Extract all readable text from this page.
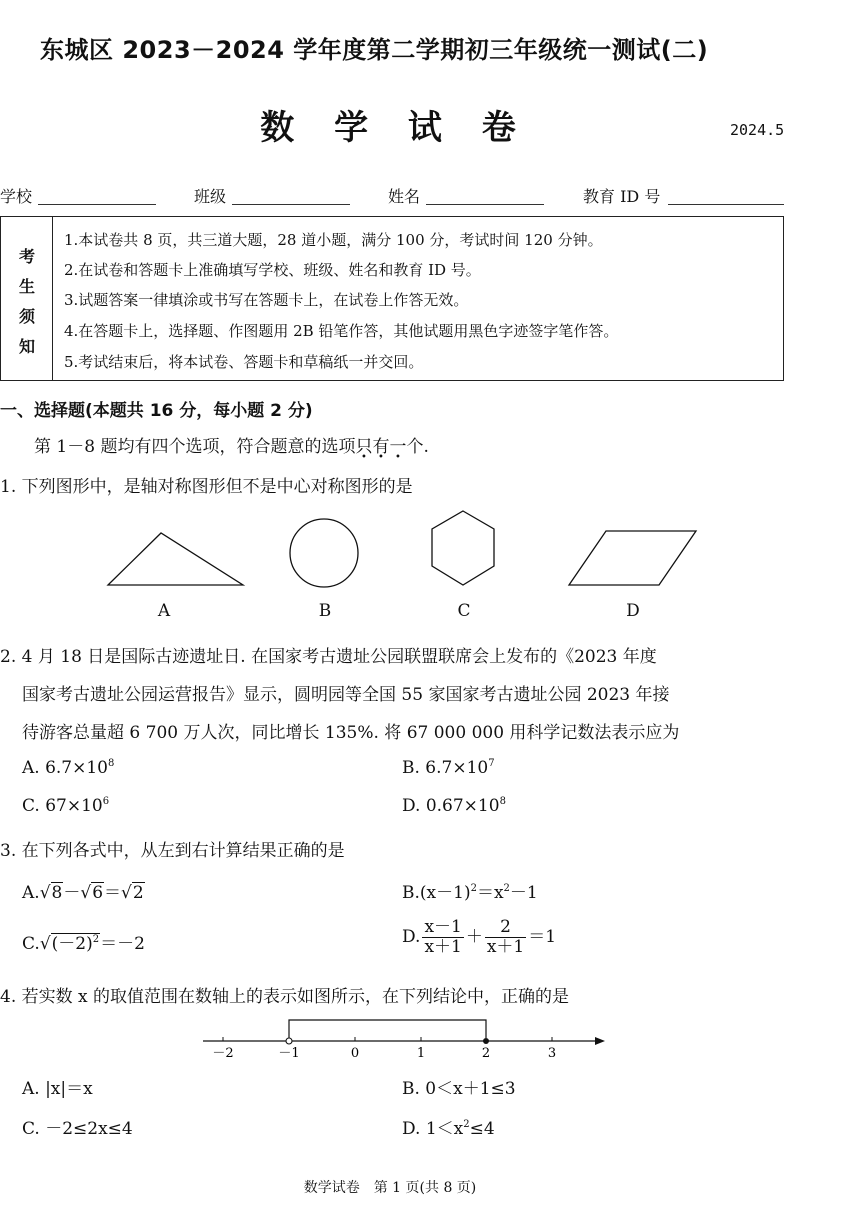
东城区 2023－2024 学年度第二学期初三年级统一测试(二)
数 学 试 卷	2024.5
学校	班级	姓名	教育 ID 号
考
生
须
知
1.本试卷共 8 页，共三道大题，28 道小题，满分 100 分，考试时间 120 分钟。
2.在试卷和答题卡上准确填写学校、班级、姓名和教育 ID 号。
3.试题答案一律填涂或书写在答题卡上，在试卷上作答无效。
4.在答题卡上，选择题、作图题用 2B 铅笔作答，其他试题用黑色字迹签字笔作答。
5.考试结束后，将本试卷、答题卡和草稿纸一并交回。
一、选择题(本题共 16 分，每小题 2 分)
第 1－8 题均有四个选项，符合题意的选项只有一个.
1. 下列图形中，是轴对称图形但不是中心对称图形的是
A	B	C	D
2. 4 月 18 日是国际古迹遗址日. 在国家考古遗址公园联盟联席会上发布的《2023 年度
国家考古遗址公园运营报告》显示，圆明园等全国 55 家国家考古遗址公园 2023 年接
待游客总量超 6 700 万人次，同比增长 135%. 将 67 000 000 用科学记数法表示应为
A. $6.7\times 10^8$	B. $6.7\times 10^7$
C. $67\times 10^6$	D. $0.67\times 10^8$
3. 在下列各式中，从左到右计算结果正确的是
A.√8－√6＝√2	$B.(x-1)^2=x^2-1$
$C.√(-2)^2=-2$	D. $\frac{x-1}{x+1} + \frac{2}{x+1} =1$
4. 若实数 x 的取值范围在数轴上的表示如图所示，在下列结论中，正确的是
－2	－1	0	1	2	3
A. |x|＝x	B. 0＜x＋1≤3
C. －2≤2x≤4	D. $1<x^2\le 4$
数学试卷　第 1 页(共 8 页)
